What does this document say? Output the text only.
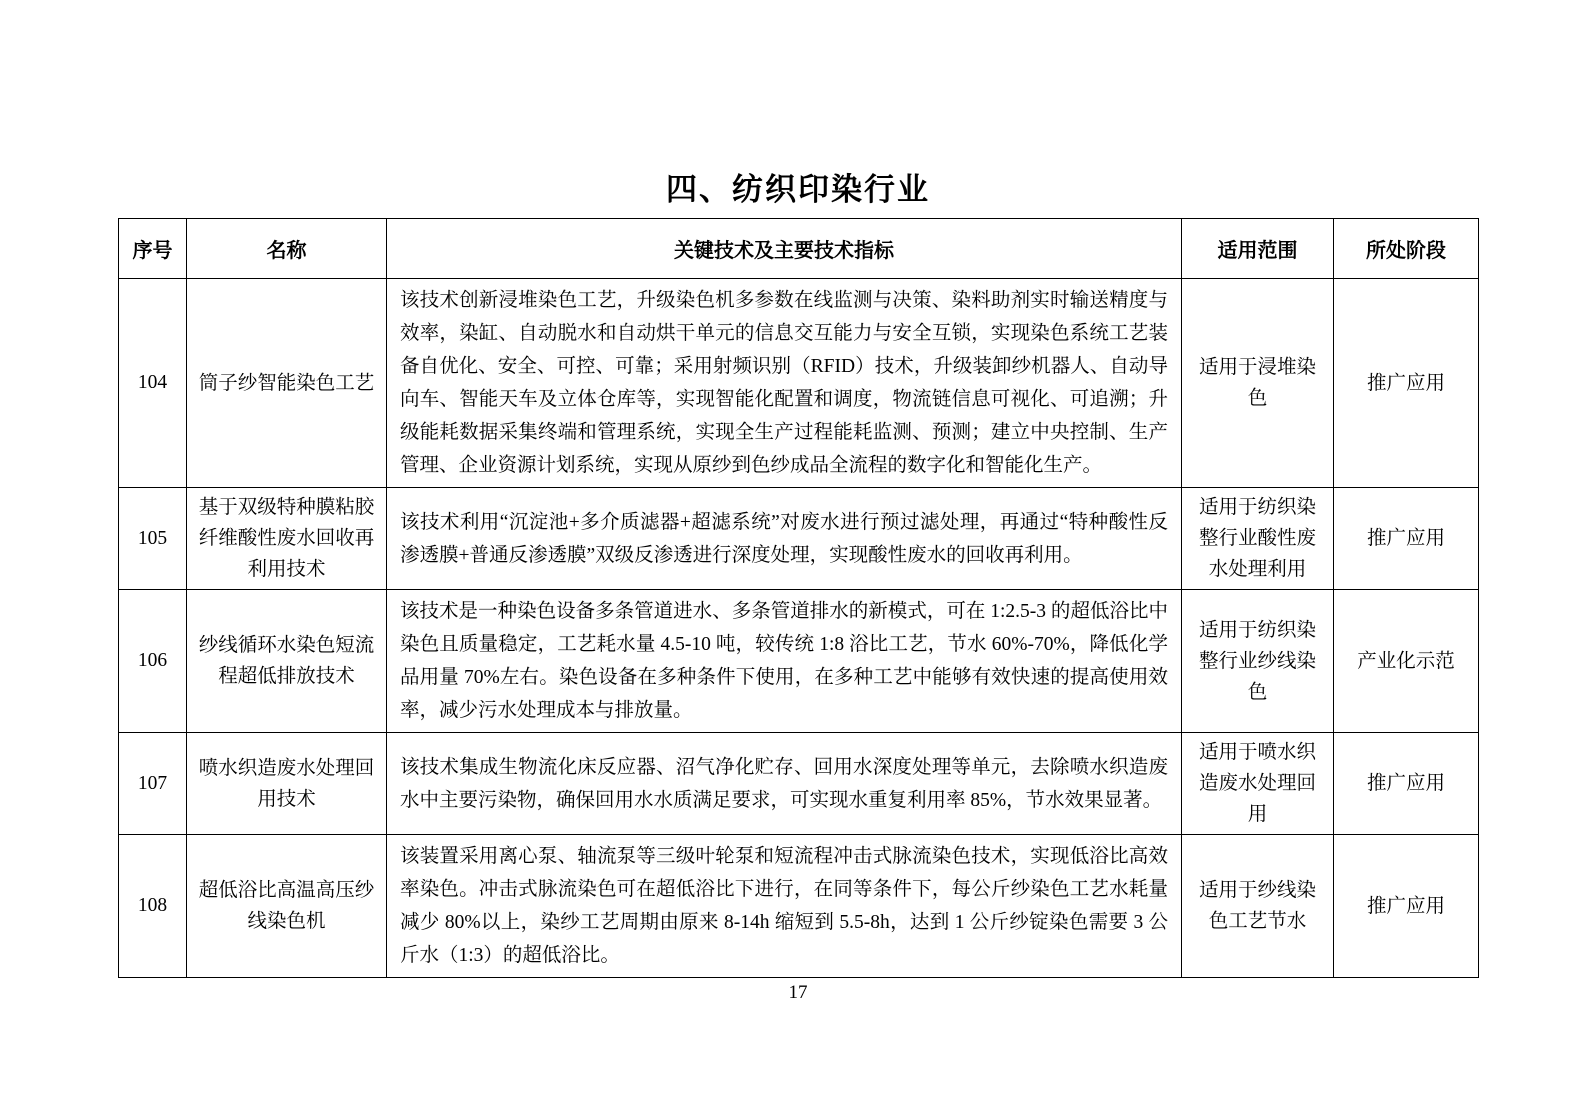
四、纺织印染行业
序号	名称	关键技术及主要技术指标	适用范围	所处阶段
104	筒子纱智能染色工艺	该技术创新浸堆染色工艺，升级染色机多参数在线监测与决策、染料助剂实时输送精度与效率，染缸、自动脱水和自动烘干单元的信息交互能力与安全互锁，实现染色系统工艺装备自优化、安全、可控、可靠；采用射频识别（RFID）技术，升级装卸纱机器人、自动导向车、智能天车及立体仓库等，实现智能化配置和调度，物流链信息可视化、可追溯；升级能耗数据采集终端和管理系统，实现全生产过程能耗监测、预测；建立中央控制、生产管理、企业资源计划系统，实现从原纱到色纱成品全流程的数字化和智能化生产。	适用于浸堆染色	推广应用
105	基于双级特种膜粘胶纤维酸性废水回收再利用技术	该技术利用“沉淀池+多介质滤器+超滤系统”对废水进行预过滤处理，再通过“特种酸性反渗透膜+普通反渗透膜”双级反渗透进行深度处理，实现酸性废水的回收再利用。	适用于纺织染整行业酸性废水处理利用	推广应用
106	纱线循环水染色短流程超低排放技术	该技术是一种染色设备多条管道进水、多条管道排水的新模式，可在 1:2.5-3 的超低浴比中染色且质量稳定，工艺耗水量 4.5-10 吨，较传统 1:8 浴比工艺，节水 60%-70%，降低化学品用量 70%左右。染色设备在多种条件下使用，在多种工艺中能够有效快速的提高使用效率，减少污水处理成本与排放量。	适用于纺织染整行业纱线染色	产业化示范
107	喷水织造废水处理回用技术	该技术集成生物流化床反应器、沼气净化贮存、回用水深度处理等单元，去除喷水织造废水中主要污染物，确保回用水水质满足要求，可实现水重复利用率 85%，节水效果显著。	适用于喷水织造废水处理回用	推广应用
108	超低浴比高温高压纱线染色机	该装置采用离心泵、轴流泵等三级叶轮泵和短流程冲击式脉流染色技术，实现低浴比高效率染色。冲击式脉流染色可在超低浴比下进行，在同等条件下，每公斤纱染色工艺水耗量减少 80%以上，染纱工艺周期由原来 8-14h 缩短到 5.5-8h，达到 1 公斤纱锭染色需要 3 公斤水（1:3）的超低浴比。	适用于纱线染色工艺节水	推广应用
17
